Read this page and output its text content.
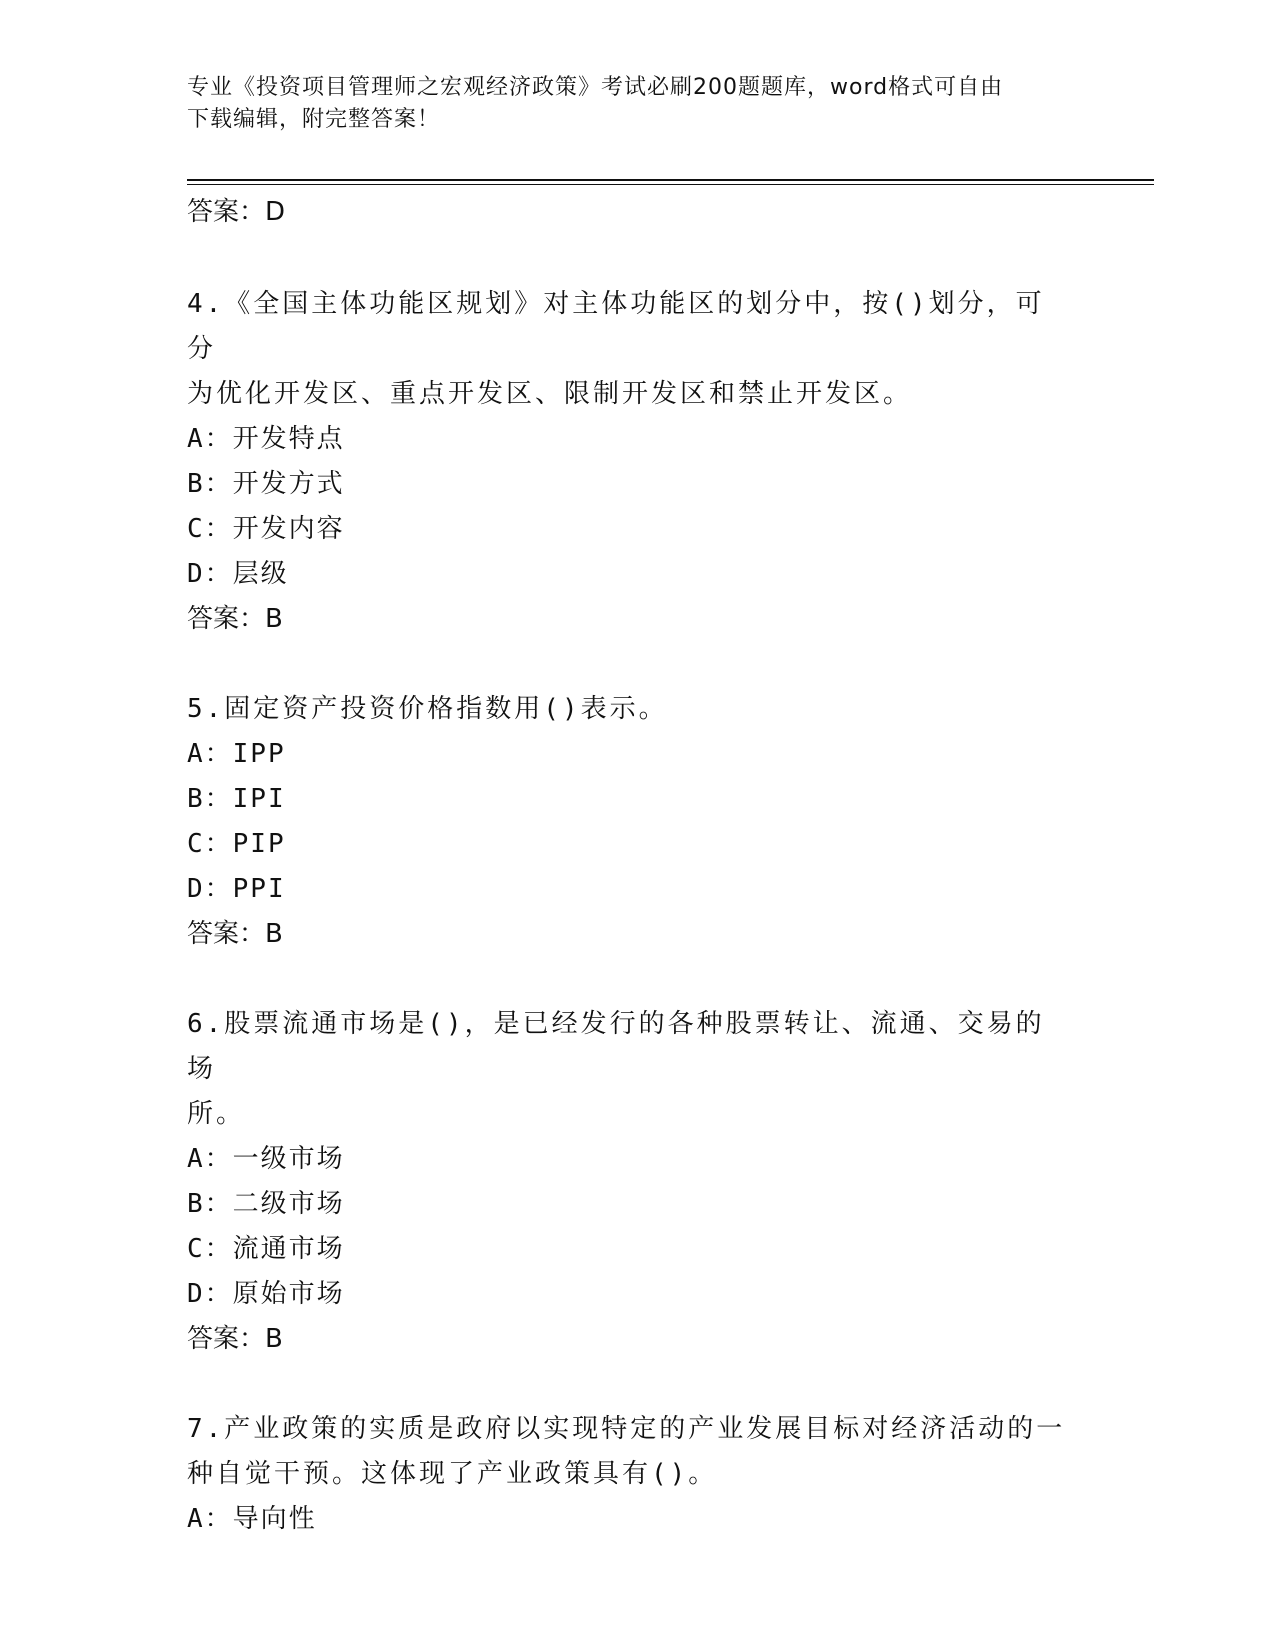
专业《投资项目管理师之宏观经济政策》考试必刷200题题库，word格式可自由
下载编辑，附完整答案！
答案：D
4.《全国主体功能区规划》对主体功能区的划分中，按()划分，可分
为优化开发区、重点开发区、限制开发区和禁止开发区。
A：开发特点
B：开发方式
C：开发内容
D：层级
答案：B
5.固定资产投资价格指数用()表示。
A：IPP
B：IPI
C：PIP
D：PPI
答案：B
6.股票流通市场是()，是已经发行的各种股票转让、流通、交易的场
所。
A：一级市场
B：二级市场
C：流通市场
D：原始市场
答案：B
7.产业政策的实质是政府以实现特定的产业发展目标对经济活动的一
种自觉干预。这体现了产业政策具有()。
A：导向性
